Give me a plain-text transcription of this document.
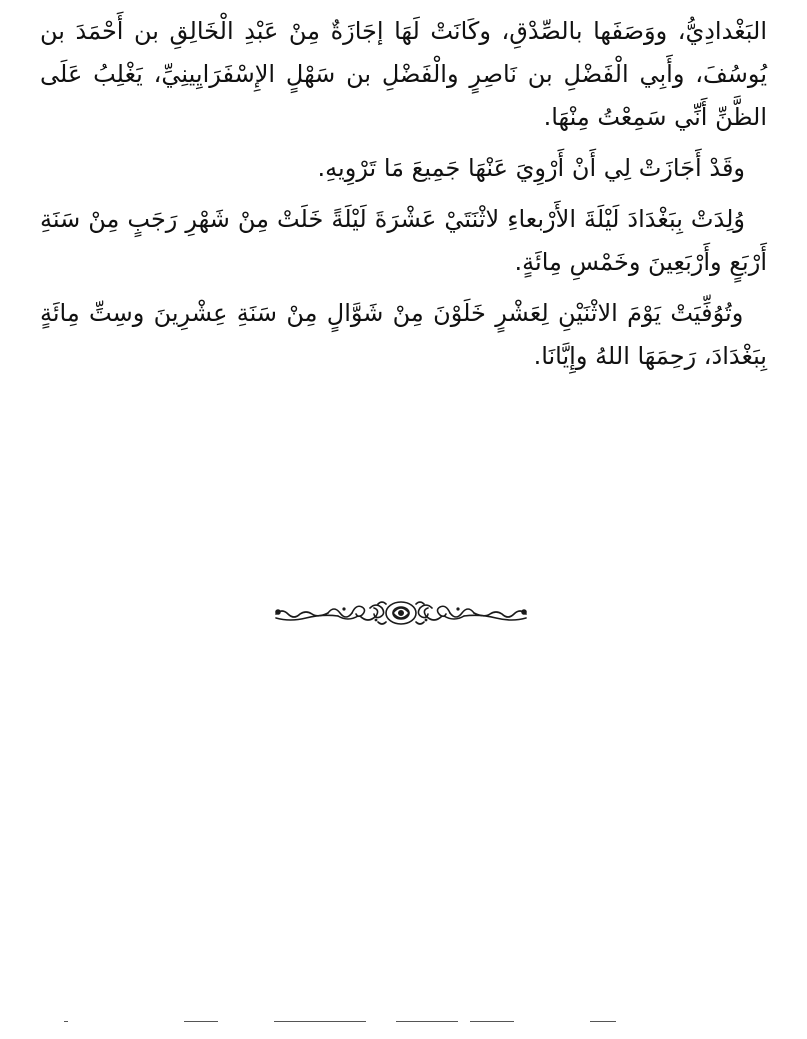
البَغْدادِيُّ، ووَصَفَها بالصِّدْقِ، وكَانَتْ لَهَا إجَازَةٌ مِنْ عَبْدِ الْخَالِقِ بن أَحْمَدَ بن يُوسُفَ، وأَبِي الْفَضْلِ بن نَاصِرٍ والْفَضْلِ بن سَهْلٍ الإِسْفَرَايِينِيِّ، يَغْلِبُ عَلَى الظَّنِّ أَنِّي سَمِعْتُ مِنْهَا.

وقَدْ أَجَازَتْ لِي أَنْ أَرْوِيَ عَنْهَا جَمِيعَ مَا تَرْوِيهِ.

وُلِدَتْ بِبَغْدَادَ لَيْلَةَ الأَرْبعاءِ لاثْنَتَيْ عَشْرَةَ لَيْلَةً خَلَتْ مِنْ شَهْرِ رَجَبٍ مِنْ سَنَةِ أَرْبَعٍ وأَرْبَعِينَ وخَمْسِ مِائَةٍ.

وتُوُفِّيَتْ يَوْمَ الاثْنَيْنِ لِعَشْرٍ خَلَوْنَ مِنْ شَوَّالٍ مِنْ سَنَةِ عِشْرِينَ وسِتِّ مِائَةٍ بِبَغْدَادَ، رَحِمَهَا اللهُ وإِيَّانَا.
